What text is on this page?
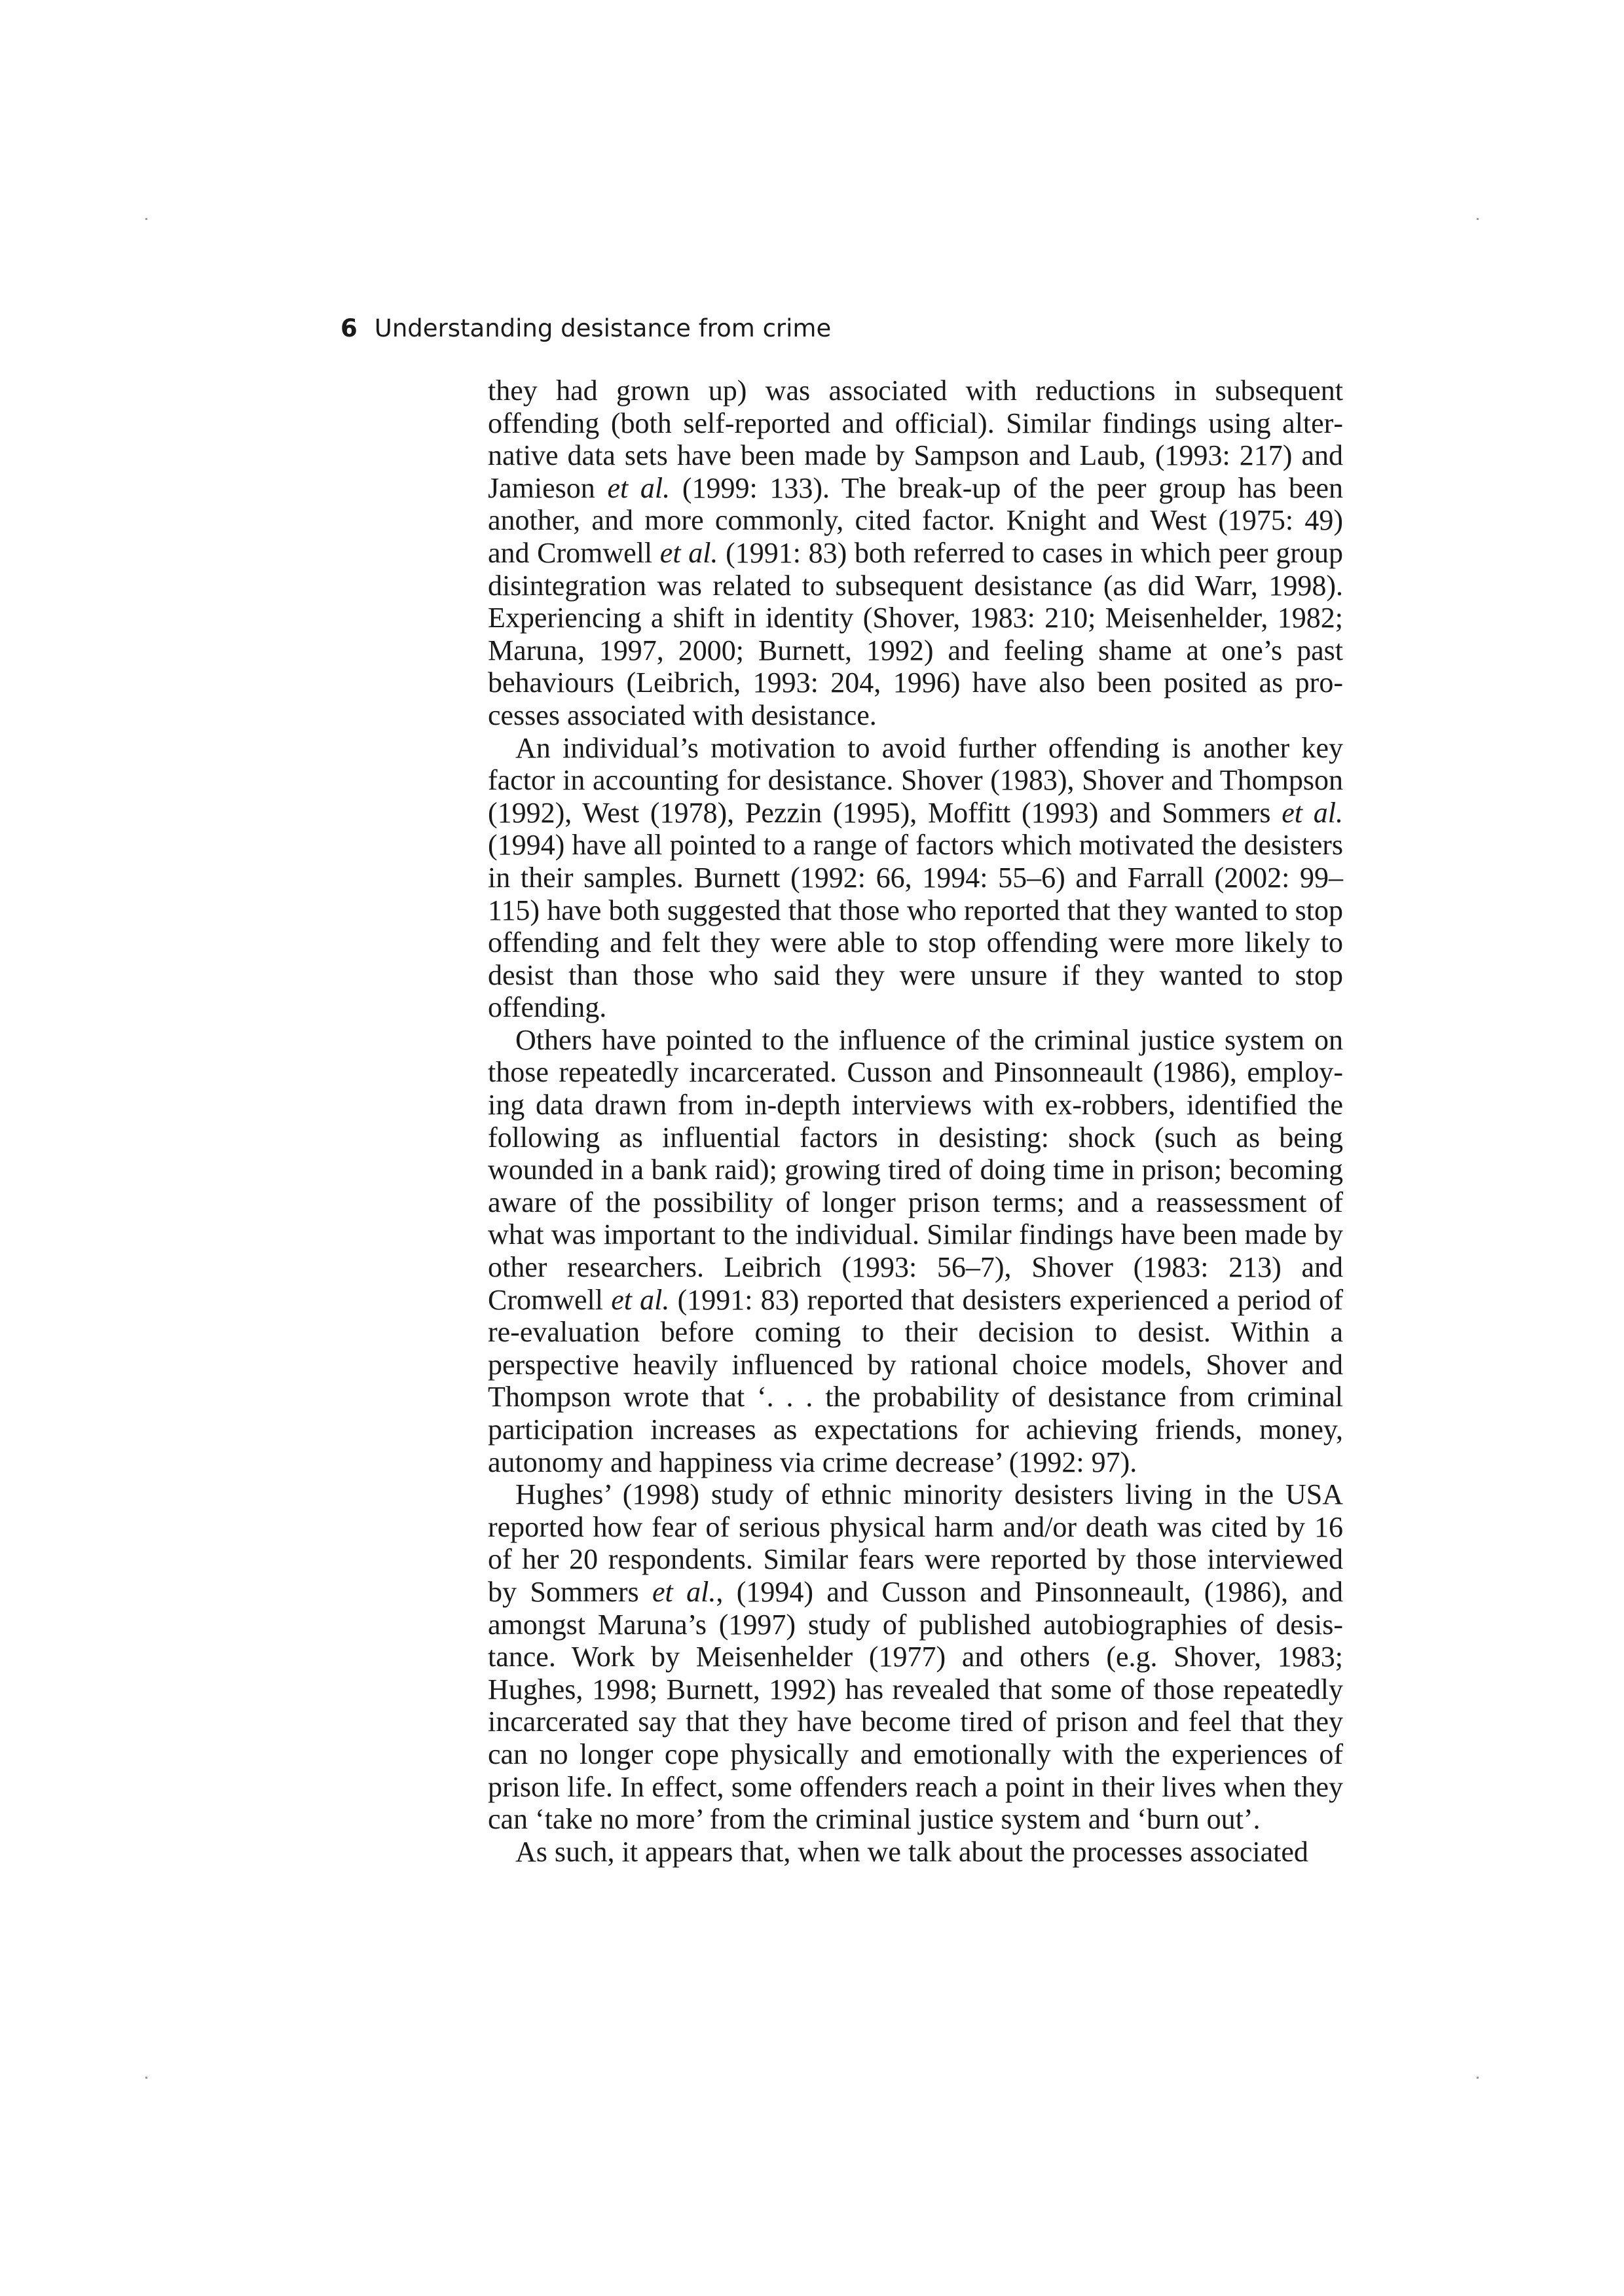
6 Understanding desistance from crime

they had grown up) was associated with reductions in subsequent offending (both self-reported and official). Similar findings using alternative data sets have been made by Sampson and Laub, (1993: 217) and Jamieson et al. (1999: 133). The break-up of the peer group has been another, and more commonly, cited factor. Knight and West (1975: 49) and Cromwell et al. (1991: 83) both referred to cases in which peer group disintegration was related to subsequent desistance (as did Warr, 1998). Experiencing a shift in identity (Shover, 1983: 210; Meisenhelder, 1982; Maruna, 1997, 2000; Burnett, 1992) and feeling shame at one’s past behaviours (Leibrich, 1993: 204, 1996) have also been posited as processes associated with desistance.

An individual’s motivation to avoid further offending is another key factor in accounting for desistance. Shover (1983), Shover and Thompson (1992), West (1978), Pezzin (1995), Moffitt (1993) and Sommers et al. (1994) have all pointed to a range of factors which motivated the desisters in their samples. Burnett (1992: 66, 1994: 55–6) and Farrall (2002: 99–115) have both suggested that those who reported that they wanted to stop offending and felt they were able to stop offending were more likely to desist than those who said they were unsure if they wanted to stop offending.

Others have pointed to the influence of the criminal justice system on those repeatedly incarcerated. Cusson and Pinsonneault (1986), employing data drawn from in-depth interviews with ex-robbers, identified the following as influential factors in desisting: shock (such as being wounded in a bank raid); growing tired of doing time in prison; becoming aware of the possibility of longer prison terms; and a reassessment of what was important to the individual. Similar findings have been made by other researchers. Leibrich (1993: 56–7), Shover (1983: 213) and Cromwell et al. (1991: 83) reported that desisters experienced a period of re-evaluation before coming to their decision to desist. Within a perspective heavily influenced by rational choice models, Shover and Thompson wrote that ‘. . . the probability of desistance from criminal participation increases as expectations for achieving friends, money, autonomy and happiness via crime decrease’ (1992: 97).

Hughes’ (1998) study of ethnic minority desisters living in the USA reported how fear of serious physical harm and/or death was cited by 16 of her 20 respondents. Similar fears were reported by those interviewed by Sommers et al., (1994) and Cusson and Pinsonneault, (1986), and amongst Maruna’s (1997) study of published autobiographies of desistance. Work by Meisenhelder (1977) and others (e.g. Shover, 1983; Hughes, 1998; Burnett, 1992) has revealed that some of those repeatedly incarcerated say that they have become tired of prison and feel that they can no longer cope physically and emotionally with the experiences of prison life. In effect, some offenders reach a point in their lives when they can ‘take no more’ from the criminal justice system and ‘burn out’.

As such, it appears that, when we talk about the processes associated
